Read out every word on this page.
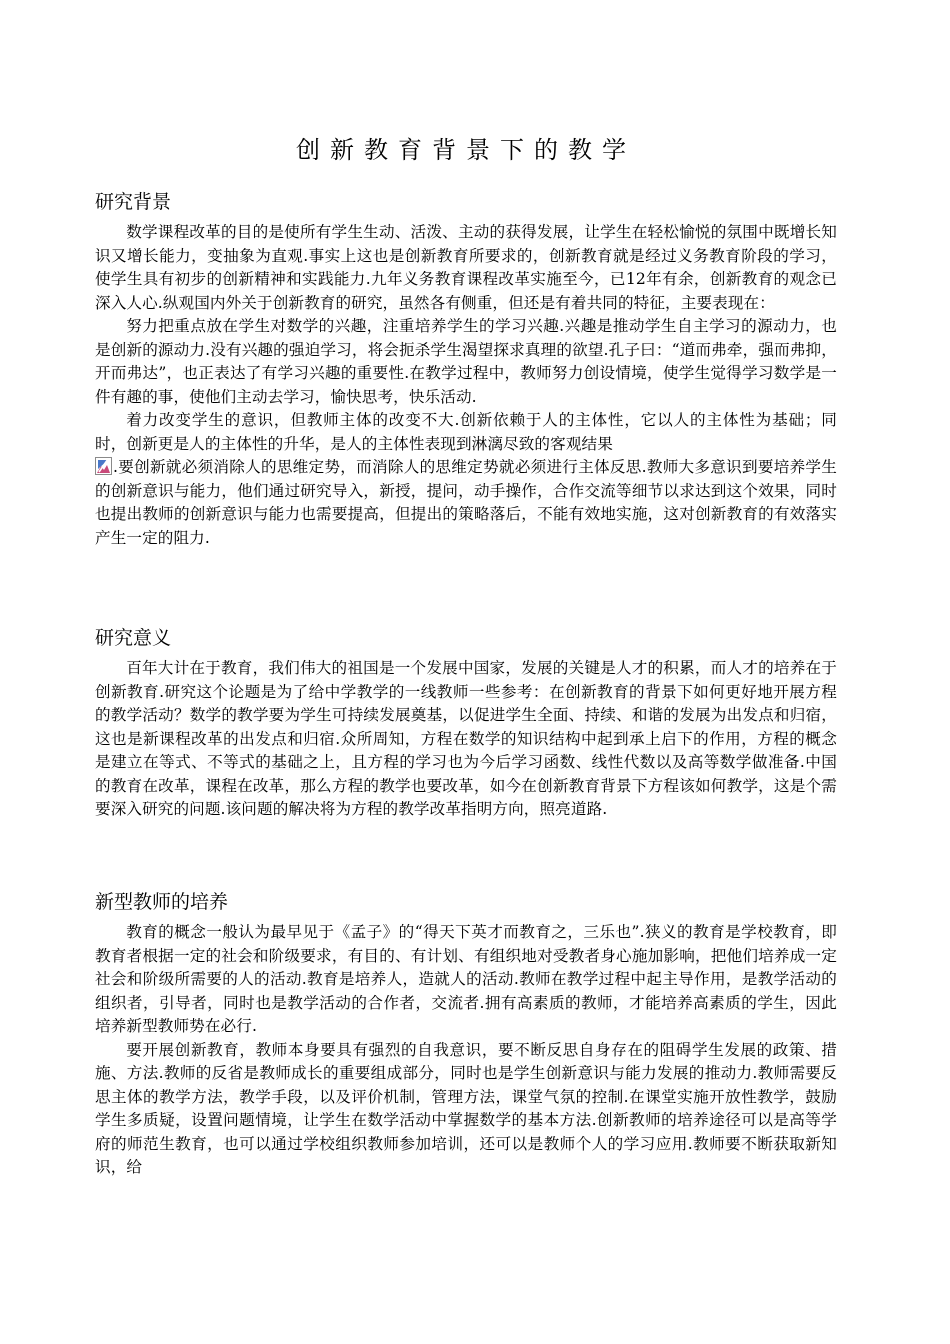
创新教育背景下的教学
研究背景

数学课程改革的目的是使所有学生生动、活泼、主动的获得发展，让学生在轻松愉悦的氛围中既增长知识又增长能力，变抽象为直观.事实上这也是创新教育所要求的，创新教育就是经过义务教育阶段的学习，使学生具有初步的创新精神和实践能力.九年义务教育课程改革实施至今，已12年有余，创新教育的观念已深入人心.纵观国内外关于创新教育的研究，虽然各有侧重，但还是有着共同的特征，主要表现在：

努力把重点放在学生对数学的兴趣，注重培养学生的学习兴趣.兴趣是推动学生自主学习的源动力，也是创新的源动力.没有兴趣的强迫学习，将会扼杀学生渴望探求真理的欲望.孔子曰：“道而弗牵，强而弗抑，开而弗达”，也正表达了有学习兴趣的重要性.在教学过程中，教师努力创设情境，使学生觉得学习数学是一件有趣的事，使他们主动去学习，愉快思考，快乐活动.

着力改变学生的意识，但教师主体的改变不大.创新依赖于人的主体性，它以人的主体性为基础；同时，创新更是人的主体性的升华，是人的主体性表现到淋漓尽致的客观结果

.要创新就必须消除人的思维定势，而消除人的思维定势就必须进行主体反思.教师大多意识到要培养学生的创新意识与能力，他们通过研究导入，新授，提问，动手操作，合作交流等细节以求达到这个效果，同时也提出教师的创新意识与能力也需要提高，但提出的策略落后，不能有效地实施，这对创新教育的有效落实产生一定的阻力.

研究意义

百年大计在于教育，我们伟大的祖国是一个发展中国家，发展的关键是人才的积累，而人才的培养在于创新教育.研究这个论题是为了给中学教学的一线教师一些参考：在创新教育的背景下如何更好地开展方程的教学活动？数学的教学要为学生可持续发展奠基，以促进学生全面、持续、和谐的发展为出发点和归宿，这也是新课程改革的出发点和归宿.众所周知，方程在数学的知识结构中起到承上启下的作用，方程的概念是建立在等式、不等式的基础之上，且方程的学习也为今后学习函数、线性代数以及高等数学做准备.中国的教育在改革，课程在改革，那么方程的教学也要改革，如今在创新教育背景下方程该如何教学，这是个需要深入研究的问题.该问题的解决将为方程的教学改革指明方向，照亮道路.

新型教师的培养

教育的概念一般认为最早见于《孟子》的“得天下英才而教育之，三乐也”.狭义的教育是学校教育，即教育者根据一定的社会和阶级要求，有目的、有计划、有组织地对受教者身心施加影响，把他们培养成一定社会和阶级所需要的人的活动.教育是培养人，造就人的活动.教师在教学过程中起主导作用，是教学活动的组织者，引导者，同时也是教学活动的合作者，交流者.拥有高素质的教师，才能培养高素质的学生，因此培养新型教师势在必行.

要开展创新教育，教师本身要具有强烈的自我意识，要不断反思自身存在的阻碍学生发展的政策、措施、方法.教师的反省是教师成长的重要组成部分，同时也是学生创新意识与能力发展的推动力.教师需要反思主体的教学方法，教学手段，以及评价机制，管理方法，课堂气氛的控制.在课堂实施开放性教学，鼓励学生多质疑，设置问题情境，让学生在数学活动中掌握数学的基本方法.创新教师的培养途径可以是高等学府的师范生教育，也可以通过学校组织教师参加培训，还可以是教师个人的学习应用.教师要不断获取新知识，给
